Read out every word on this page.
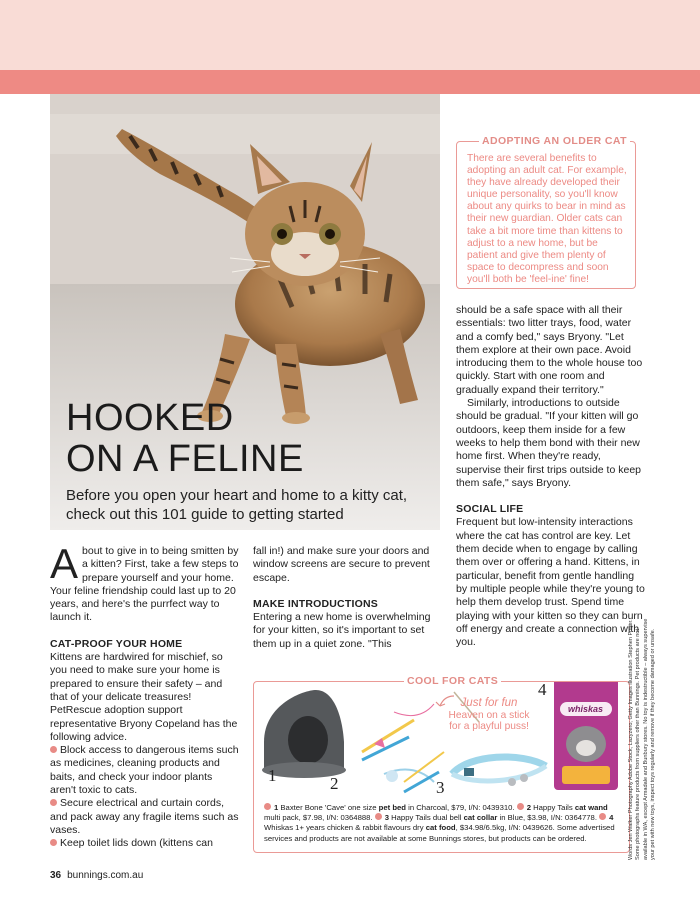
HOOKED
ON A FELINE

Before you open your heart and home to a kitty cat, check out this 101 guide to getting started

ADOPTING AN OLDER CAT

There are several benefits to adopting an adult cat. For example, they have already developed their unique personality, so you'll know about any quirks to bear in mind as their new guardian. Older cats can take a bit more time than kittens to adjust to a new home, but be patient and give them plenty of space to decompress and soon you'll both be 'feel-ine' fine!

About to give in to being smitten by a kitten? First, take a few steps to prepare yourself and your home. Your feline friendship could last up to 20 years, and here's the purrfect way to launch it.

CAT-PROOF YOUR HOME

Kittens are hardwired for mischief, so you need to make sure your home is prepared to ensure their safety – and that of your delicate treasures! PetRescue adoption support representative Bryony Copeland has the following advice.

Block access to dangerous items such as medicines, cleaning products and baits, and check your indoor plants aren't toxic to cats.

Secure electrical and curtain cords, and pack away any fragile items such as vases.

Keep toilet lids down (kittens can

fall in!) and make sure your doors and window screens are secure to prevent escape.

MAKE INTRODUCTIONS

Entering a new home is overwhelming for your kitten, so it's important to set them up in a quiet zone. "This

should be a safe space with all their essentials: two litter trays, food, water and a comfy bed," says Bryony. "Let them explore at their own pace. Avoid introducing them to the whole house too quickly. Start with one room and gradually expand their territory."

Similarly, introductions to outside should be gradual. "If your kitten will go outdoors, keep them inside for a few weeks to help them bond with their new home first. When they're ready, supervise their first trips outside to keep them safe," says Bryony.

SOCIAL LIFE

Frequent but low-intensity interactions where the cat has control are key. Let them decide when to engage by calling them over or offering a hand. Kittens, in particular, benefit from gentle handling by multiple people while they're young to help them develop trust. Spend time playing with your kitten so they can burn off energy and create a connection with you.

COOL FOR CATS

Just for fun

Heaven on a stick

for a playful puss!

1	2	3
4
whiskas

1 Baxter Bone 'Cave' one size pet bed in Charcoal, $79, I/N: 0439310. 2 Happy Tails cat wand multi pack, $7.98, I/N: 0364888. 3 Happy Tails dual bell cat collar in Blue, $3.98, I/N: 0364778. 4 Whiskas 1+ years chicken & rabbit flavours dry cat food, $34.98/6.5kg, I/N: 0439626. Some advertised services and products are not available at some Bunnings stores, but products can be ordered.	Words Jen Walker Photography Adobe Stock, Lazyzero; Getty Images illustration Stephen Potter. Some photographs feature products from suppliers other than Bunnings. Pet products are not available in WA, except Armadale and Bunbury stores. No toy is indestructible – always supervise your pet with new toys, inspect toys regularly and remove if they become damaged or unsafe.

36 bunnings.com.au
